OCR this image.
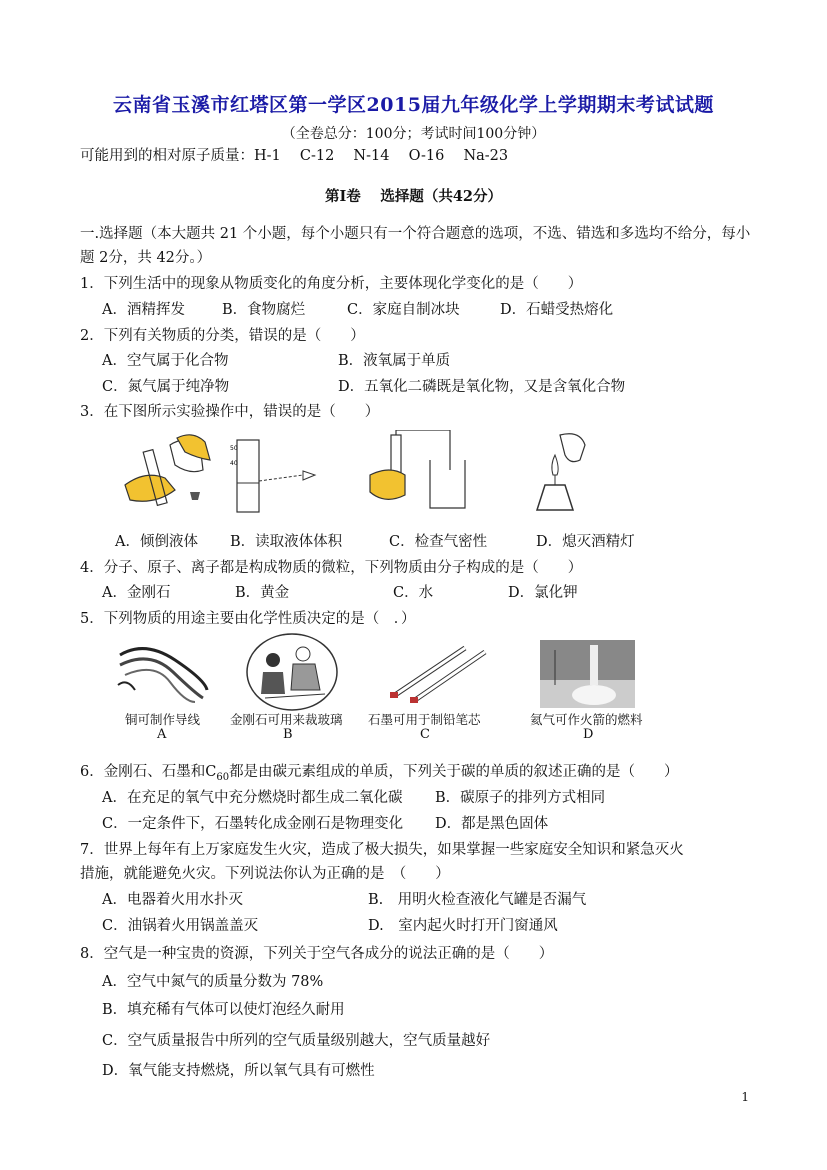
云南省玉溪市红塔区第一学区2015届九年级化学上学期期末考试试题
（全卷总分：100分；考试时间100分钟）
可能用到的相对原子质量：H-1　 C-12 　N-14　 O-16　 Na-23
第Ⅰ卷　 选择题（共42分）
一.选择题（本大题共 21 个小题，每个小题只有一个符合题意的选项，不选、错选和多选均不给分，每小
题 2分，共 42分。）
1．下列生活中的现象从物质变化的角度分析，主要体现化学变化的是（　　）
A．酒精挥发	B．食物腐烂	C．家庭自制冰块	D．石蜡受热熔化
2．下列有关物质的分类，错误的是（　　）
A．空气属于化合物	B．液氧属于单质
C．氮气属于纯净物	D．五氧化二磷既是氧化物，又是含氧化合物
3．在下图所示实验操作中，错误的是（　　）
50
40
A．倾倒液体 B．读取液体体积	C．检查气密性	D．熄灭酒精灯
4．分子、原子、离子都是构成物质的微粒，下列物质由分子构成的是（　　）
A．金刚石	B．黄金	C．水	D．氯化钾
5．下列物质的用途主要由化学性质决定的是（　．）
铜可制作导线 金刚石可用来裁玻璃 石墨可用于制铅笔芯	氦气可作火箭的燃料
A	B	C	D
6．金刚石、石墨和$C_{60}$都是由碳元素组成的单质，下列关于碳的单质的叙述正确的是（　　）
A．在充足的氧气中充分燃烧时都生成二氧化碳 B．碳原子的排列方式相同
C．一定条件下，石墨转化成金刚石是物理变化 D．都是黑色固体
7．世界上每年有上万家庭发生火灾，造成了极大损失，如果掌握一些家庭安全知识和紧急灭火
措施，就能避免火灾。下列说法你认为正确的是　（　　）
A．电器着火用水扑灭	B.　用明火检查液化气罐是否漏气
C．油锅着火用锅盖盖灭	D.　室内起火时打开门窗通风
8．空气是一种宝贵的资源，下列关于空气各成分的说法正确的是（　　）
A．空气中氮气的质量分数为 78%
B．填充稀有气体可以使灯泡经久耐用
C．空气质量报告中所列的空气质量级别越大，空气质量越好
D．氧气能支持燃烧，所以氧气具有可燃性
1
